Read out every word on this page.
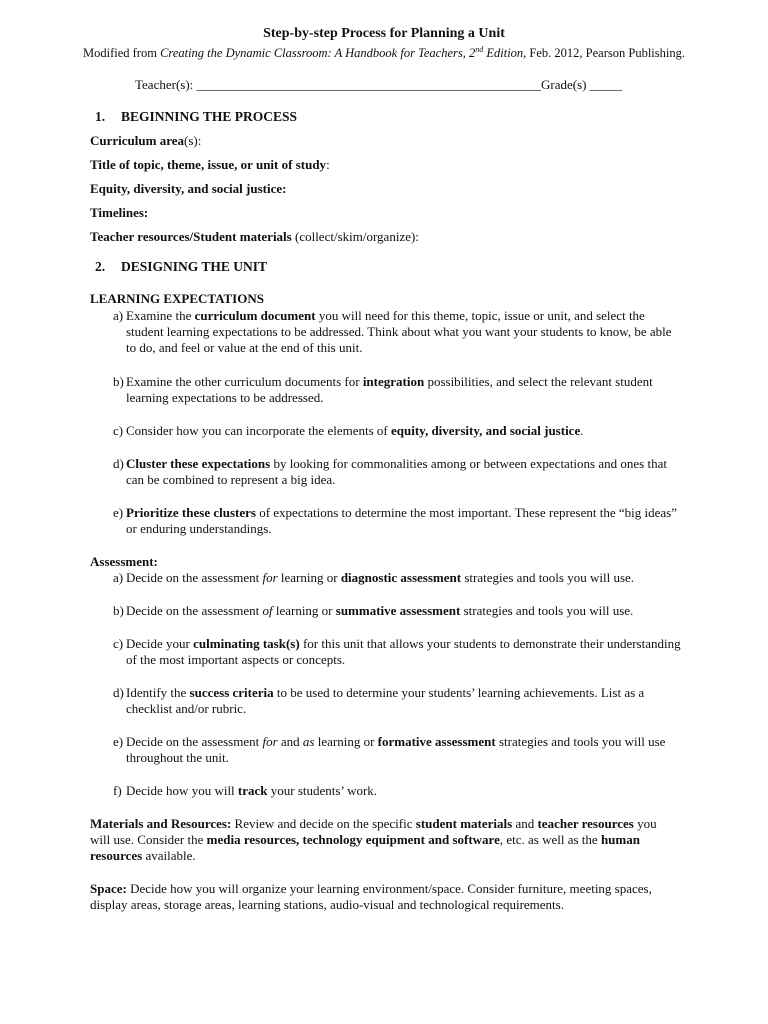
Step-by-step Process for Planning a Unit
Modified from Creating the Dynamic Classroom: A Handbook for Teachers, 2nd Edition, Feb. 2012, Pearson Publishing.
Teacher(s): _____________________________________________________Grade(s) _____
1. BEGINNING THE PROCESS
Curriculum area(s):
Title of topic, theme, issue, or unit of study:
Equity, diversity, and social justice:
Timelines:
Teacher resources/Student materials (collect/skim/organize):
2. DESIGNING THE UNIT
LEARNING EXPECTATIONS
a) Examine the curriculum document you will need for this theme, topic, issue or unit, and select the student learning expectations to be addressed. Think about what you want your students to know, be able to do, and feel or value at the end of this unit.
b) Examine the other curriculum documents for integration possibilities, and select the relevant student learning expectations to be addressed.
c) Consider how you can incorporate the elements of equity, diversity, and social justice.
d) Cluster these expectations by looking for commonalities among or between expectations and ones that can be combined to represent a big idea.
e) Prioritize these clusters of expectations to determine the most important. These represent the “big ideas” or enduring understandings.
Assessment:
a) Decide on the assessment for learning or diagnostic assessment strategies and tools you will use.
b) Decide on the assessment of learning or summative assessment strategies and tools you will use.
c) Decide your culminating task(s) for this unit that allows your students to demonstrate their understanding of the most important aspects or concepts.
d) Identify the success criteria to be used to determine your students’ learning achievements. List as a checklist and/or rubric.
e) Decide on the assessment for and as learning or formative assessment strategies and tools you will use throughout the unit.
f) Decide how you will track your students’ work.
Materials and Resources: Review and decide on the specific student materials and teacher resources you will use. Consider the media resources, technology equipment and software, etc. as well as the human resources available.
Space: Decide how you will organize your learning environment/space. Consider furniture, meeting spaces, display areas, storage areas, learning stations, audio-visual and technological requirements.
